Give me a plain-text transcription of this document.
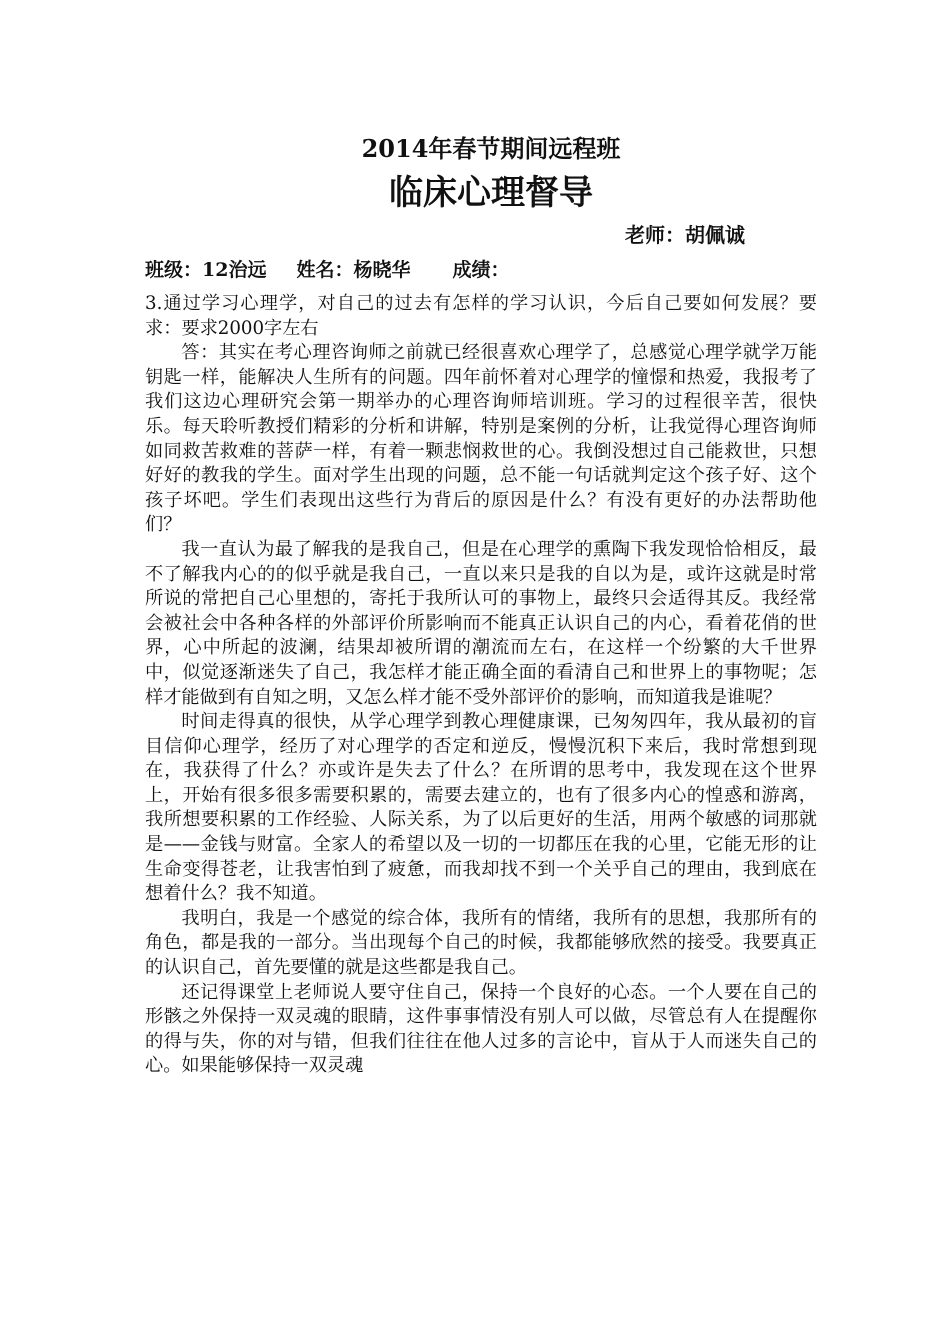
2014年春节期间远程班
临床心理督导
老师：胡佩诚
班级：12治远 姓名：杨晓华 成绩：

3.通过学习心理学，对自己的过去有怎样的学习认识，今后自己要如何发展？要求：要求2000字左右

答：其实在考心理咨询师之前就已经很喜欢心理学了，总感觉心理学就学万能钥匙一样，能解决人生所有的问题。四年前怀着对心理学的憧憬和热爱，我报考了我们这边心理研究会第一期举办的心理咨询师培训班。学习的过程很辛苦，很快乐。每天聆听教授们精彩的分析和讲解，特别是案例的分析，让我觉得心理咨询师如同救苦救难的菩萨一样，有着一颗悲悯救世的心。我倒没想过自己能救世，只想好好的教我的学生。面对学生出现的问题，总不能一句话就判定这个孩子好、这个孩子坏吧。学生们表现出这些行为背后的原因是什么？有没有更好的办法帮助他们？

我一直认为最了解我的是我自己，但是在心理学的熏陶下我发现恰恰相反，最不了解我内心的的似乎就是我自己，一直以来只是我的自以为是，或许这就是时常所说的常把自己心里想的，寄托于我所认可的事物上，最终只会适得其反。我经常会被社会中各种各样的外部评价所影响而不能真正认识自己的内心，看着花俏的世界，心中所起的波澜，结果却被所谓的潮流而左右，在这样一个纷繁的大千世界中，似觉逐渐迷失了自己，我怎样才能正确全面的看清自己和世界上的事物呢；怎样才能做到有自知之明，又怎么样才能不受外部评价的影响，而知道我是谁呢？

时间走得真的很快，从学心理学到教心理健康课，已匆匆四年，我从最初的盲目信仰心理学，经历了对心理学的否定和逆反，慢慢沉积下来后，我时常想到现在，我获得了什么？亦或许是失去了什么？在所谓的思考中，我发现在这个世界上，开始有很多很多需要积累的，需要去建立的，也有了很多内心的惶惑和游离，我所想要积累的工作经验、人际关系，为了以后更好的生活，用两个敏感的词那就是——金钱与财富。全家人的希望以及一切的一切都压在我的心里，它能无形的让生命变得苍老，让我害怕到了疲惫，而我却找不到一个关乎自己的理由，我到底在想着什么？我不知道。

我明白，我是一个感觉的综合体，我所有的情绪，我所有的思想，我那所有的角色，都是我的一部分。当出现每个自己的时候，我都能够欣然的接受。我要真正的认识自己，首先要懂的就是这些都是我自己。

还记得课堂上老师说人要守住自己，保持一个良好的心态。一个人要在自己的形骸之外保持一双灵魂的眼睛，这件事事情没有别人可以做，尽管总有人在提醒你的得与失，你的对与错，但我们往往在他人过多的言论中，盲从于人而迷失自己的心。如果能够保持一双灵魂
